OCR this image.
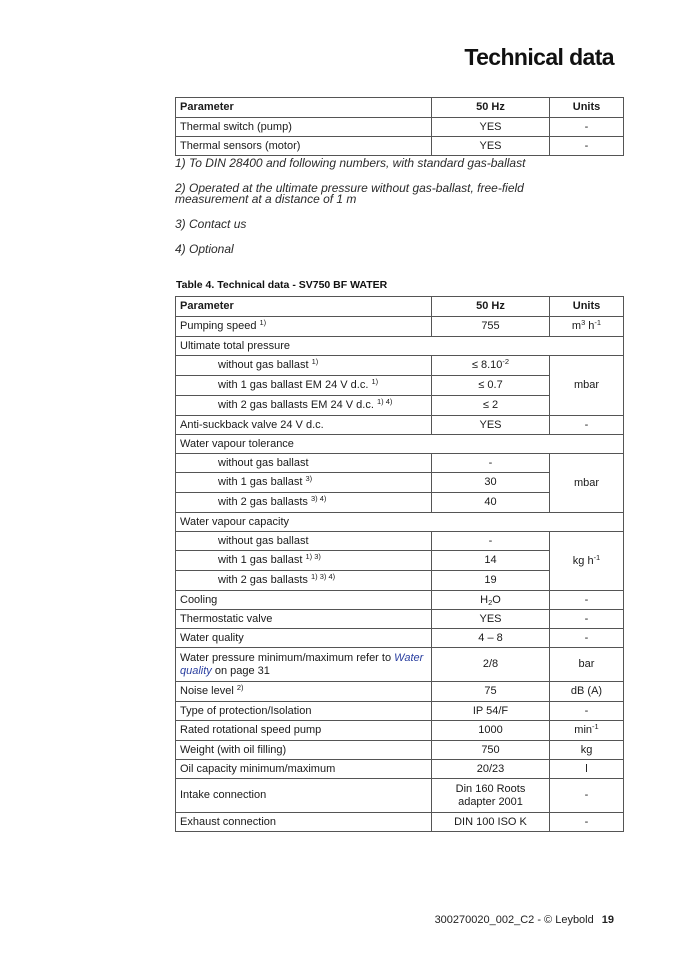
Technical data
Parameter	50 Hz	Units
Thermal switch (pump)	YES	-
Thermal sensors (motor)	YES	-
1) To DIN 28400 and following numbers, with standard gas-ballast
2) Operated at the ultimate pressure without gas-ballast, free-field measurement at a distance of 1 m
3) Contact us
4) Optional
Table 4. Technical data - SV750 BF WATER
Parameter	50 Hz	Units
Pumping speed $^{1)}$	755	$m^3$ $h^{-1}$
Ultimate total pressure		
without gas ballast $^{1)}$	≤ $8.10^{-2}$	mbar
with 1 gas ballast EM 24 V d.c. $^{1)}$	≤ 0.7	
with 2 gas ballasts EM 24 V d.c. $^{1) 4)}$	≤ 2	
Anti-suckback valve 24 V d.c.	YES	-
Water vapour tolerance		
without gas ballast	-	mbar
with 1 gas ballast $^{3)}$	30	
with 2 gas ballasts $^{3) 4)}$	40	
Water vapour capacity		
without gas ballast	-	kg $h^{-1}$
with 1 gas ballast $^{1) 3)}$	14	
with 2 gas ballasts $^{1) 3) 4)}$	19	
Cooling	$H_2O$	-
Thermostatic valve	YES	-
Water quality	4 – 8	-
Water pressure minimum/maximum refer to Water quality on page 31	2/8	bar
Noise level $^{2)}$	75	dB (A)
Type of protection/Isolation	IP 54/F	-
Rated rotational speed pump	1000	$\min^{-1}$
Weight (with oil filling)	750	kg
Oil capacity minimum/maximum	20/23	l
Intake connection	Din 160 Roots adapter 2001	-
Exhaust connection	DIN 100 ISO K	-
300270020_002_C2 - © Leybold 19
